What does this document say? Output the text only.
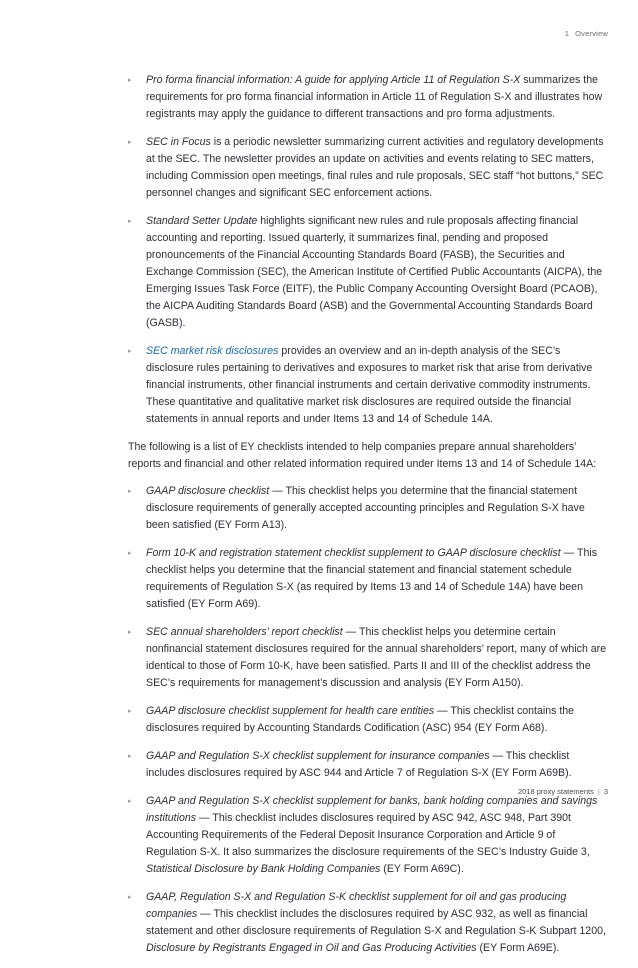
1 Overview
▸ Pro forma financial information: A guide for applying Article 11 of Regulation S-X summarizes the requirements for pro forma financial information in Article 11 of Regulation S-X and illustrates how registrants may apply the guidance to different transactions and pro forma adjustments.
▸ SEC in Focus is a periodic newsletter summarizing current activities and regulatory developments at the SEC. The newsletter provides an update on activities and events relating to SEC matters, including Commission open meetings, final rules and rule proposals, SEC staff “hot buttons,” SEC personnel changes and significant SEC enforcement actions.
▸ Standard Setter Update highlights significant new rules and rule proposals affecting financial accounting and reporting. Issued quarterly, it summarizes final, pending and proposed pronouncements of the Financial Accounting Standards Board (FASB), the Securities and Exchange Commission (SEC), the American Institute of Certified Public Accountants (AICPA), the Emerging Issues Task Force (EITF), the Public Company Accounting Oversight Board (PCAOB), the AICPA Auditing Standards Board (ASB) and the Governmental Accounting Standards Board (GASB).
▸ SEC market risk disclosures provides an overview and an in-depth analysis of the SEC’s disclosure rules pertaining to derivatives and exposures to market risk that arise from derivative financial instruments, other financial instruments and certain derivative commodity instruments. These quantitative and qualitative market risk disclosures are required outside the financial statements in annual reports and under Items 13 and 14 of Schedule 14A.

The following is a list of EY checklists intended to help companies prepare annual shareholders’ reports and financial and other related information required under Items 13 and 14 of Schedule 14A:

▸ GAAP disclosure checklist — This checklist helps you determine that the financial statement disclosure requirements of generally accepted accounting principles and Regulation S-X have been satisfied (EY Form A13).
▸ Form 10-K and registration statement checklist supplement to GAAP disclosure checklist — This checklist helps you determine that the financial statement and financial statement schedule requirements of Regulation S-X (as required by Items 13 and 14 of Schedule 14A) have been satisfied (EY Form A69).
▸ SEC annual shareholders’ report checklist — This checklist helps you determine certain nonfinancial statement disclosures required for the annual shareholders’ report, many of which are identical to those of Form 10-K, have been satisfied. Parts II and III of the checklist address the SEC’s requirements for management’s discussion and analysis (EY Form A150).
▸ GAAP disclosure checklist supplement for health care entities — This checklist contains the disclosures required by Accounting Standards Codification (ASC) 954 (EY Form A68).
▸ GAAP and Regulation S-X checklist supplement for insurance companies — This checklist includes disclosures required by ASC 944 and Article 7 of Regulation S-X (EY Form A69B).
▸ GAAP and Regulation S-X checklist supplement for banks, bank holding companies and savings institutions — This checklist includes disclosures required by ASC 942, ASC 948, Part 390t Accounting Requirements of the Federal Deposit Insurance Corporation and Article 9 of Regulation S-X. It also summarizes the disclosure requirements of the SEC’s Industry Guide 3, Statistical Disclosure by Bank Holding Companies (EY Form A69C).
▸ GAAP, Regulation S-X and Regulation S-K checklist supplement for oil and gas producing companies — This checklist includes the disclosures required by ASC 932, as well as financial statement and other disclosure requirements of Regulation S-X and Regulation S-K Subpart 1200, Disclosure by Registrants Engaged in Oil and Gas Producing Activities (EY Form A69E).
2018 proxy statements | 3
